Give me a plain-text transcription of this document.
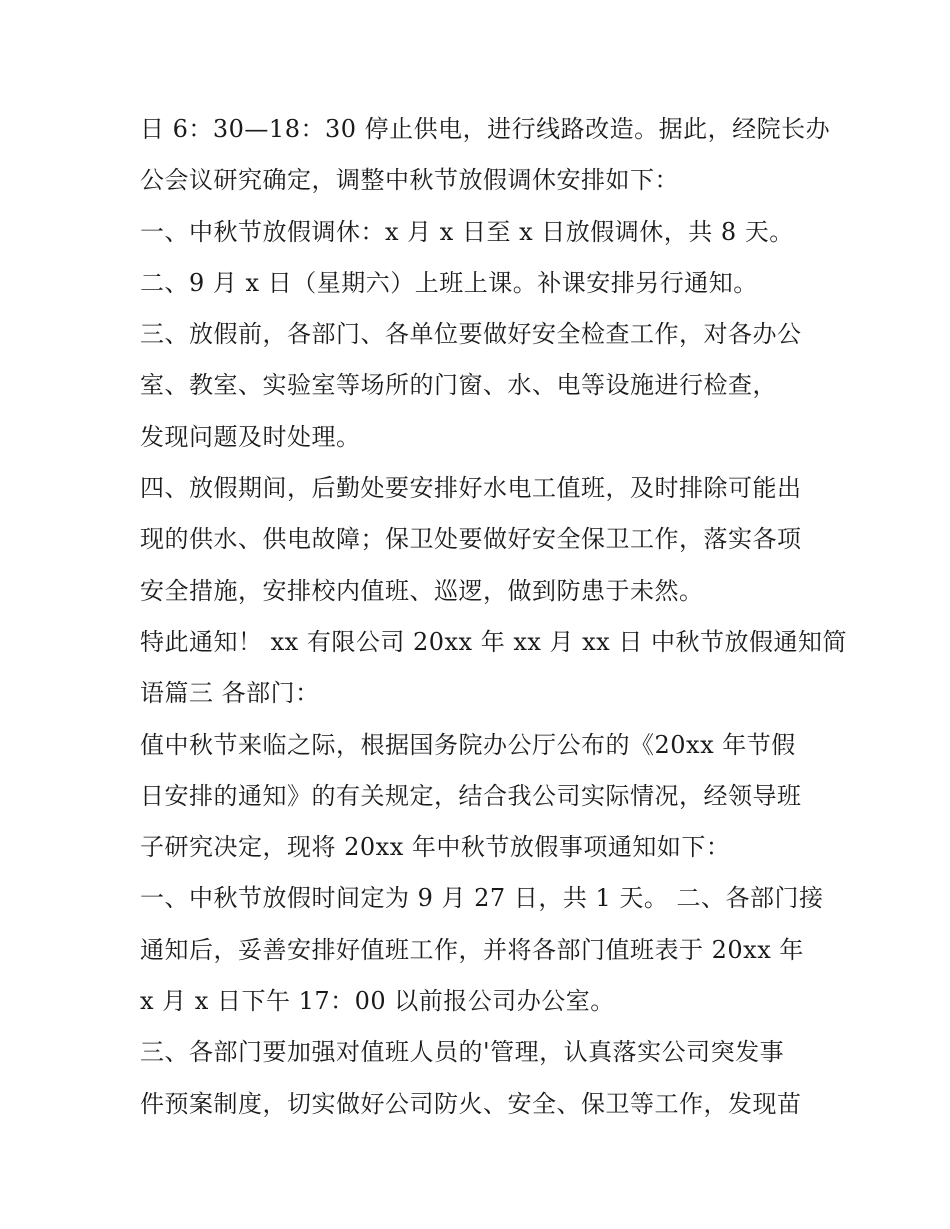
日 6：30—18：30 停止供电，进行线路改造。据此，经院长办
公会议研究确定，调整中秋节放假调休安排如下：
一、中秋节放假调休：x 月 x 日至 x 日放假调休，共 8 天。
二、9 月 x 日（星期六）上班上课。补课安排另行通知。
三、放假前，各部门、各单位要做好安全检查工作，对各办公
室、教室、实验室等场所的门窗、水、电等设施进行检查，
发现问题及时处理。
四、放假期间，后勤处要安排好水电工值班，及时排除可能出
现的供水、供电故障；保卫处要做好安全保卫工作，落实各项
安全措施，安排校内值班、巡逻，做到防患于未然。
特此通知！ xx 有限公司 20xx 年 xx 月 xx 日 中秋节放假通知简
语篇三 各部门：
值中秋节来临之际，根据国务院办公厅公布的《20xx 年节假
日安排的通知》的有关规定，结合我公司实际情况，经领导班
子研究决定，现将 20xx 年中秋节放假事项通知如下：
一、中秋节放假时间定为 9 月 27 日，共 1 天。 二、各部门接
通知后，妥善安排好值班工作，并将各部门值班表于 20xx 年
x 月 x 日下午 17：00 以前报公司办公室。
三、各部门要加强对值班人员的'管理，认真落实公司突发事
件预案制度，切实做好公司防火、安全、保卫等工作，发现苗
